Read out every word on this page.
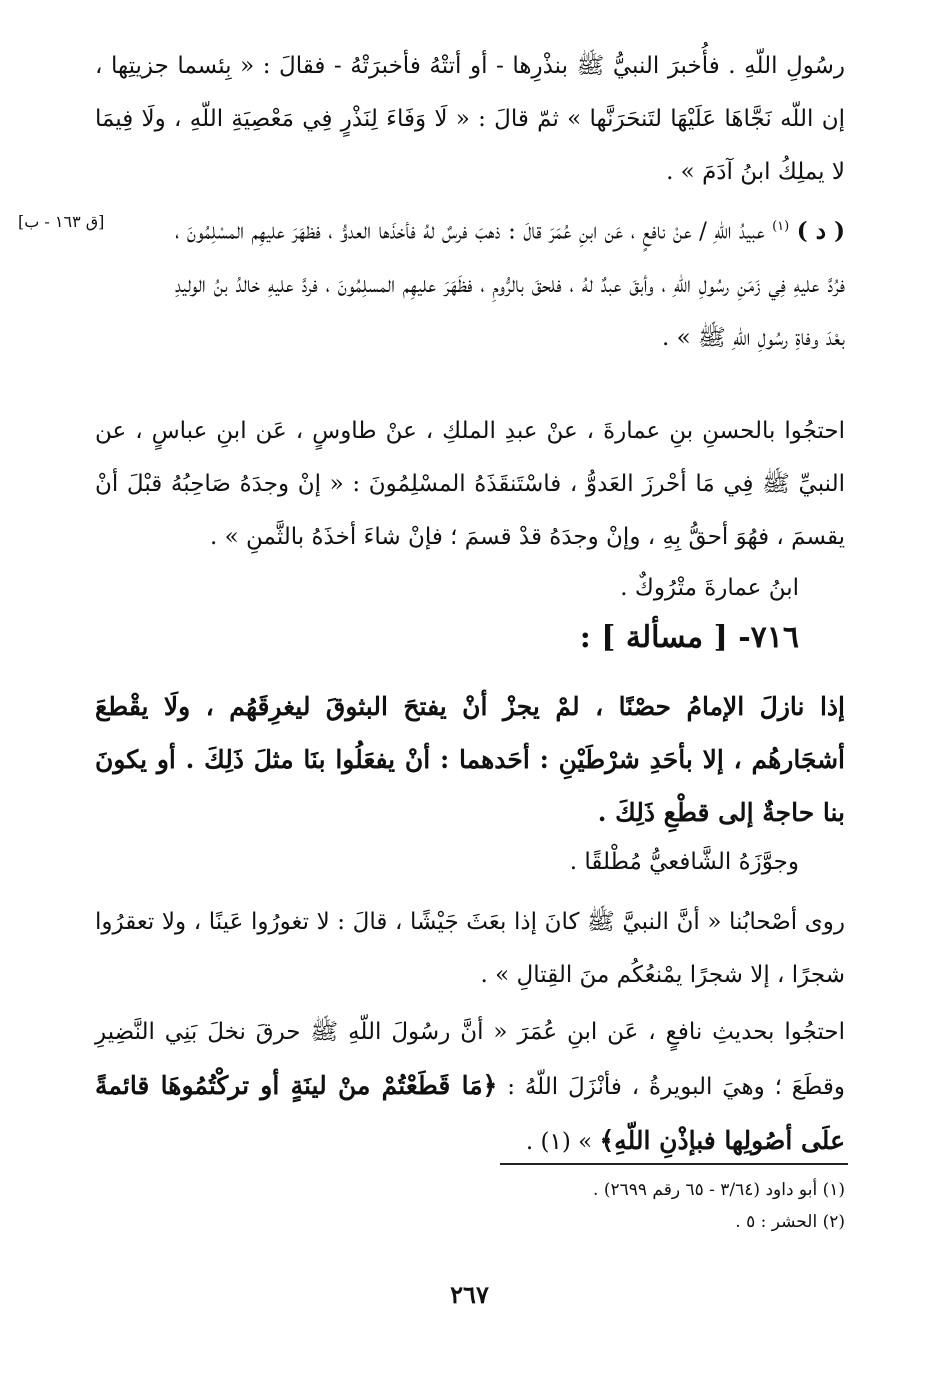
رسُولِ اللّهِ . فأُخبرَ النبيُّ ﷺ بنذْرِها - أو أتتْهُ فأخبرَتْهُ - فقالَ : « بِئسما جزيتِها ، إن اللّه نَجَّاهَا عَلَيْهَا لتَنحَرَنَّها » ثمّ قالَ : « لَا وَفَاءَ لِنَذْرٍ فِي مَعْصِيَةِ اللّهِ ، ولَا فِيمَا لا يملِكُ ابنُ آدَمَ » .

[ق ١٦٣ - ب]	( د ) $^{(١)}$ عبيدُ اللّهِ / عنْ نافعٍ ، عَن ابنِ عُمَرَ قالَ : ذهبَ فرسٌ لهُ فأخذَها العدوُّ ، فظهَرَ عليهِم المسْلِمُونَ ، فرُدَّ عليهِ فِي زَمَنِ رسُولِ اللّهِ ، وأبقَ عبدٌ لهُ ، فلحقَ بالرُّومِ ، فظَهَرَ عليهِم المسلِمُونَ ، فردَّ عليهِ خالدُ بنُ الوليدِ بعْدَ وفاةِ رسُولِ اللّهِ ﷺ » .

احتجُوا بالحسنِ بنِ عمارةَ ، عنْ عبدِ الملكِ ، عنْ طاوسٍ ، عَن ابنِ عباسٍ ، عن النبيِّ ﷺ فِي مَا أحْرزَ العَدوُّ ، فاسْتَنقَذَهُ المسْلِمُونَ : « إنْ وجدَهُ صَاحِبُهُ قبْلَ أنْ يقسمَ ، فهُوَ أحقُّ بِهِ ، وإنْ وجدَهُ قدْ قسمَ ؛ فإنْ شاءَ أخذَهُ بالثَّمنِ » .

ابنُ عمارةَ متْرُوكٌ .

٧١٦- [ مسألة ] :

إذا نازلَ الإمامُ حصْنًا ، لمْ يجزْ أنْ يفتحَ البثوقَ ليغرِقَهُم ، ولَا يقْطعَ أشجَارهُم ، إلا بأحَدِ شرْطَيْنِ : أحَدهما : أنْ يفعَلُوا بنَا مثلَ ذَلِكَ . أو يكونَ بنا حاجةٌ إلى قطْعِ ذَلِكَ .

وجوَّزَهُ الشَّافعيُّ مُطْلقًا .

روى أصْحابُنا « أنَّ النبيَّ ﷺ كانَ إذا بعَثَ جَيْشًا ، قالَ : لا تغورُوا عَينًا ، ولا تعقرُوا شجرًا ، إلا شجرًا يمْنعُكُم منَ القِتالِ » .

احتجُوا بحديثِ نافعٍ ، عَن ابنِ عُمَرَ « أنَّ رسُولَ اللّهِ ﷺ حرقَ نخلَ بَنِي النَّضِيرِ وقطَعَ ؛ وهيَ البويرةُ ، فأنْزَلَ اللّهُ : ﴿مَا قَطَعْتُمْ منْ لينَةٍ أو تركْتُمُوهَا قائمةً علَى أصُولِها فبإذْنِ اللّهِ﴾ » (١) .

(١) أبو داود (٣/٦٤ - ٦٥ رقم ٢٦٩٩) .
(٢) الحشر : ٥ .
٢٦٧
